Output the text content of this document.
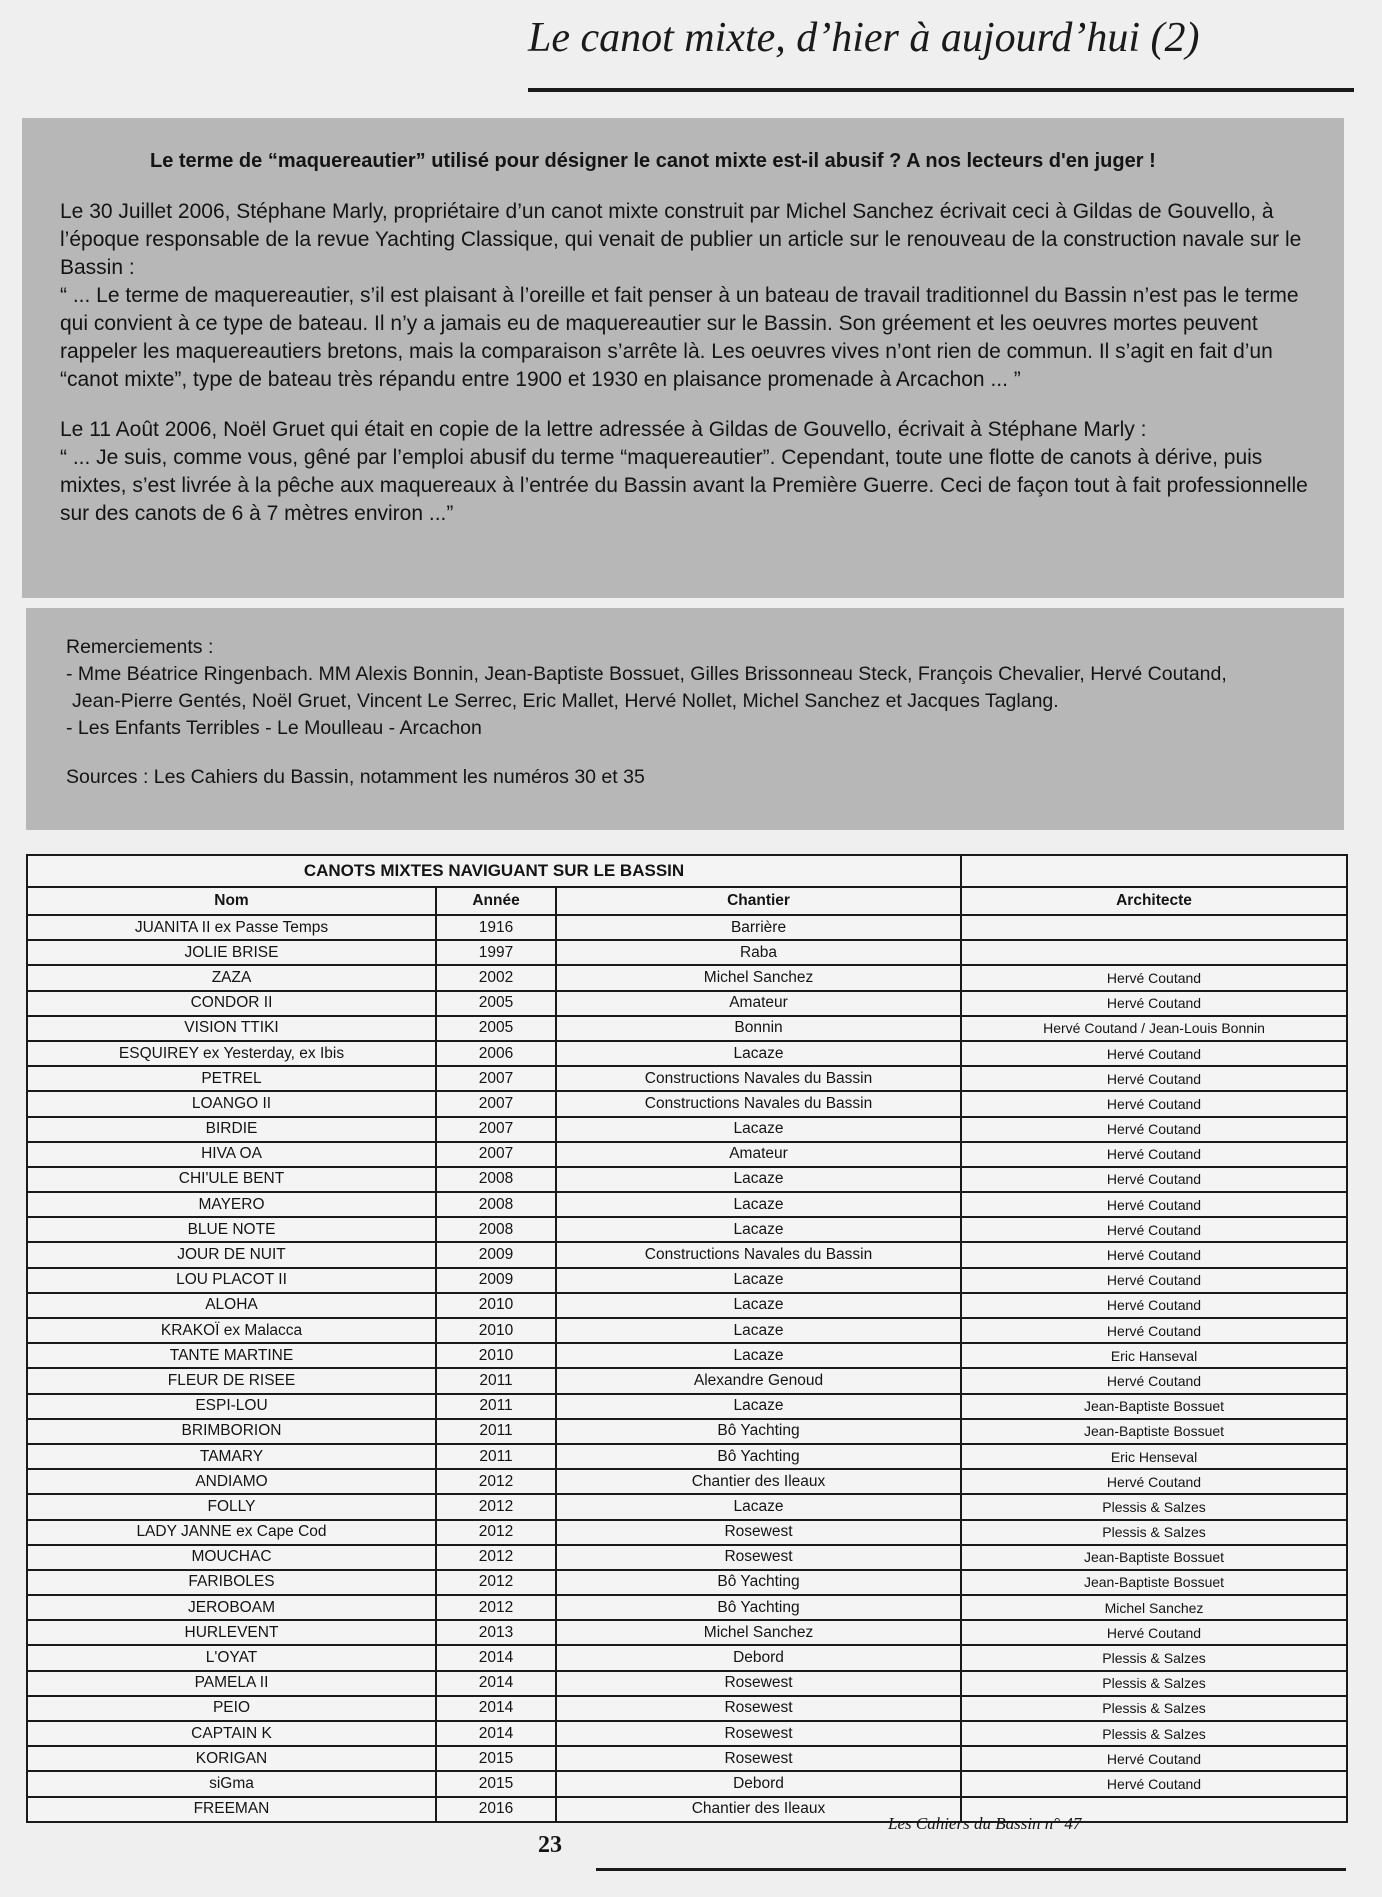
Le canot mixte, d’hier à aujourd’hui (2)
Le terme de “maquereautier” utilisé pour désigner le canot mixte est-il abusif ? A nos lecteurs d'en juger !

Le 30 Juillet 2006, Stéphane Marly, propriétaire d’un canot mixte construit par Michel Sanchez écrivait ceci à Gildas de Gouvello, à l’époque responsable de la revue Yachting Classique, qui venait de publier un article sur le renouveau de la construction navale sur le Bassin :

“ ... Le terme de maquereautier, s’il est plaisant à l’oreille et fait penser à un bateau de travail traditionnel du Bassin n’est pas le terme qui convient à ce type de bateau. Il n’y a jamais eu de maquereautier sur le Bassin. Son gréement et les oeuvres mortes peuvent rappeler les maquereautiers bretons, mais la comparaison s’arrête là. Les oeuvres vives n’ont rien de commun. Il s’agit en fait d’un “canot mixte”, type de bateau très répandu entre 1900 et 1930 en plaisance promenade à Arcachon ... ”

Le 11 Août 2006, Noël Gruet qui était en copie de la lettre adressée à Gildas de Gouvello, écrivait à Stéphane Marly :

“ ... Je suis, comme vous, gêné par l’emploi abusif du terme “maquereautier”. Cependant, toute une flotte de canots à dérive, puis mixtes, s’est livrée à la pêche aux maquereaux à l’entrée du Bassin avant la Première Guerre. Ceci de façon tout à fait professionnelle sur des canots de 6 à 7 mètres environ ...”

Remerciements :
- Mme Béatrice Ringenbach. MM Alexis Bonnin, Jean-Baptiste Bossuet, Gilles Brissonneau Steck, François Chevalier, Hervé Coutand,
Jean-Pierre Gentés, Noël Gruet, Vincent Le Serrec, Eric Mallet, Hervé Nollet, Michel Sanchez et Jacques Taglang.
- Les Enfants Terribles - Le Moulleau - Arcachon
Sources : Les Cahiers du Bassin, notamment les numéros 30 et 35
CANOTS MIXTES NAVIGUANT SUR LE BASSIN			
Nom	Année	Chantier	Architecte
JUANITA II ex Passe Temps	1916	Barrière	
JOLIE BRISE	1997	Raba	
ZAZA	2002	Michel Sanchez	Hervé Coutand
CONDOR II	2005	Amateur	Hervé Coutand
VISION TTIKI	2005	Bonnin	Hervé Coutand / Jean-Louis Bonnin
ESQUIREY ex Yesterday, ex Ibis	2006	Lacaze	Hervé Coutand
PETREL	2007	Constructions Navales du Bassin	Hervé Coutand
LOANGO II	2007	Constructions Navales du Bassin	Hervé Coutand
BIRDIE	2007	Lacaze	Hervé Coutand
HIVA OA	2007	Amateur	Hervé Coutand
CHI'ULE BENT	2008	Lacaze	Hervé Coutand
MAYERO	2008	Lacaze	Hervé Coutand
BLUE NOTE	2008	Lacaze	Hervé Coutand
JOUR DE NUIT	2009	Constructions Navales du Bassin	Hervé Coutand
LOU PLACOT II	2009	Lacaze	Hervé Coutand
ALOHA	2010	Lacaze	Hervé Coutand
KRAKOÏ ex Malacca	2010	Lacaze	Hervé Coutand
TANTE MARTINE	2010	Lacaze	Eric Hanseval
FLEUR DE RISEE	2011	Alexandre Genoud	Hervé Coutand
ESPI-LOU	2011	Lacaze	Jean-Baptiste Bossuet
BRIMBORION	2011	Bô Yachting	Jean-Baptiste Bossuet
TAMARY	2011	Bô Yachting	Eric Henseval
ANDIAMO	2012	Chantier des Ileaux	Hervé Coutand
FOLLY	2012	Lacaze	Plessis & Salzes
LADY JANNE ex Cape Cod	2012	Rosewest	Plessis & Salzes
MOUCHAC	2012	Rosewest	Jean-Baptiste Bossuet
FARIBOLES	2012	Bô Yachting	Jean-Baptiste Bossuet
JEROBOAM	2012	Bô Yachting	Michel Sanchez
HURLEVENT	2013	Michel Sanchez	Hervé Coutand
L'OYAT	2014	Debord	Plessis & Salzes
PAMELA II	2014	Rosewest	Plessis & Salzes
PEIO	2014	Rosewest	Plessis & Salzes
CAPTAIN K	2014	Rosewest	Plessis & Salzes
KORIGAN	2015	Rosewest	Hervé Coutand
siGma	2015	Debord	Hervé Coutand
FREEMAN	2016	Chantier des Ileaux	
23
Les Cahiers du Bassin n° 47
